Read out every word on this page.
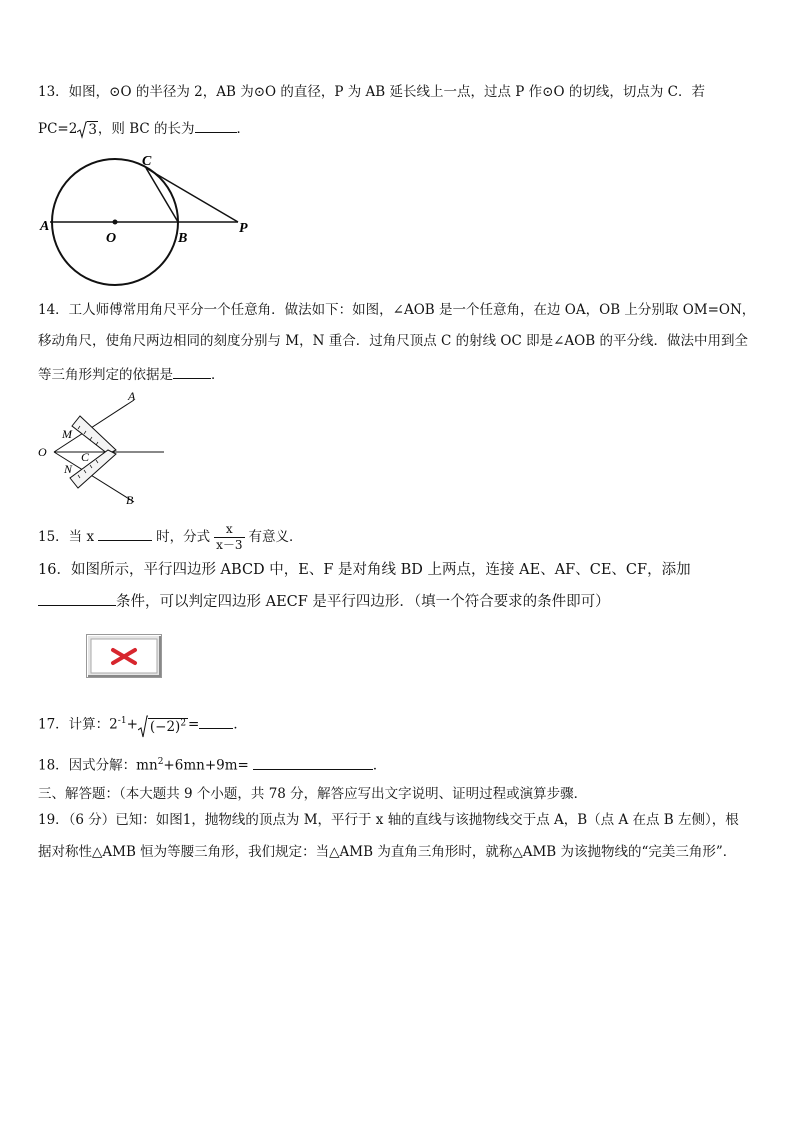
13．如图，⊙O 的半径为 2，AB 为⊙O 的直径，P 为 AB 延长线上一点，过点 P 作⊙O 的切线，切点为 C．若
PC=2 3，则 BC 的长为	．
A
O	B
C
P
14．工人师傅常用角尺平分一个任意角．做法如下：如图，∠AOB 是一个任意角，在边 OA，OB 上分别取 OM=ON，
移动角尺，使角尺两边相同的刻度分别与 M，N 重合．过角尺顶点 C 的射线 OC 即是∠AOB 的平分线．做法中用到全
等三角形判定的依据是	．
A
O
M
N
C
B
15．当 x	时，分式 $\frac{x}{x-3}$ 有意义．
16．如图所示，平行四边形 ABCD 中，E、F 是对角线 BD 上两点，连接 AE、AF、CE、CF，添加
条件，可以判定四边形 AECF 是平行四边形．（填一个符合要求的条件即可）
17．计算：$2^{-1}+ (-2)^2$ =	．
18．因式分解：$mn^2+6mn+9m=$	．
三、解答题：（本大题共 9 个小题，共 78 分，解答应写出文字说明、证明过程或演算步骤．
19．（6 分）已知：如图1，抛物线的顶点为 M，平行于 x 轴的直线与该抛物线交于点 A，B（点 A 在点 B 左侧），根
据对称性△AMB 恒为等腰三角形，我们规定：当△AMB 为直角三角形时，就称△AMB 为该抛物线的“完美三角形”．
